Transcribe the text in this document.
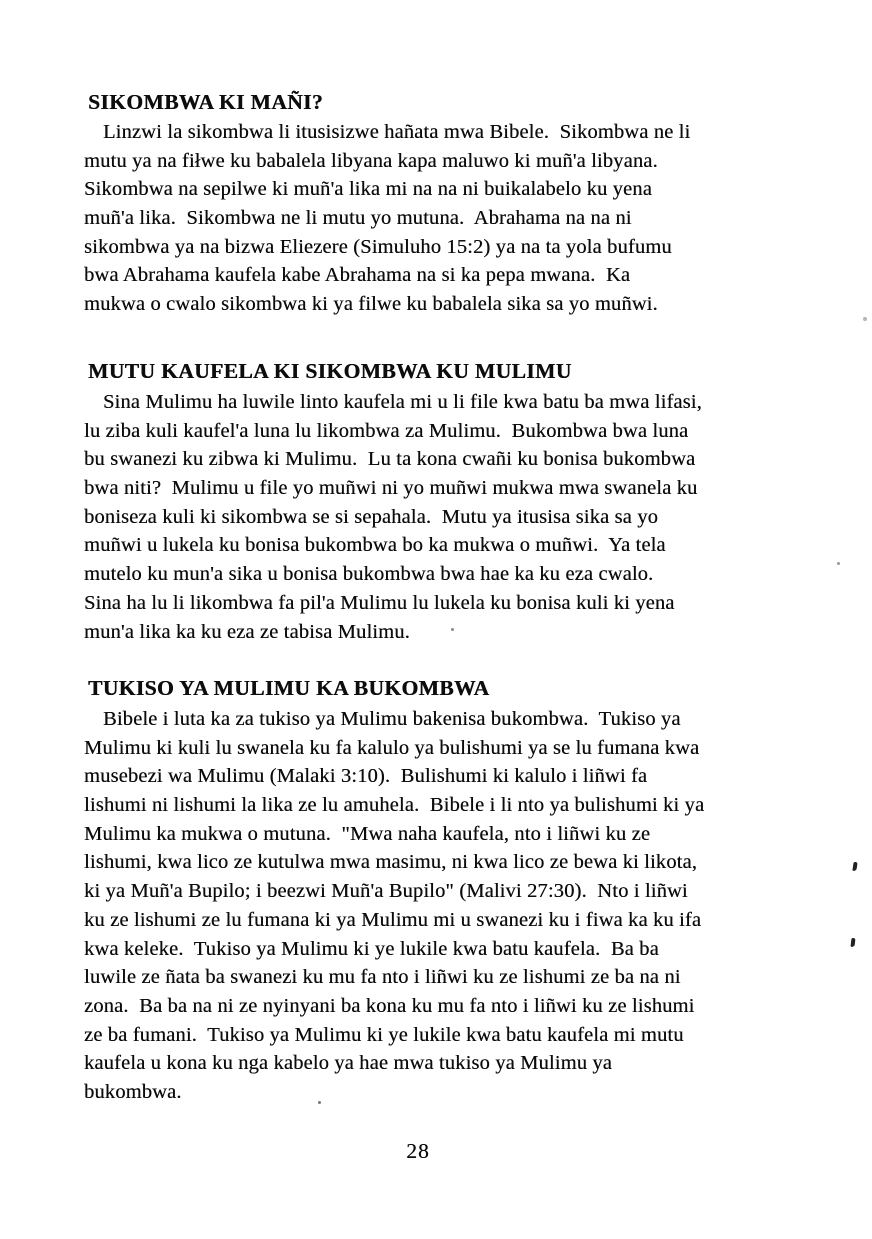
SIKOMBWA KI MAÑI?
Linzwi la sikombwa li itusisizwe hañata mwa Bibele.  Sikombwa ne li
mutu ya na fiłwe ku babalela libyana kapa maluwo ki muñ'a libyana.
Sikombwa na sepilwe ki muñ'a lika mi na na ni buikalabelo ku yena
muñ'a lika.  Sikombwa ne li mutu yo mutuna.  Abrahama na na ni
sikombwa ya na bizwa Eliezere (Simuluho 15:2) ya na ta yola bufumu
bwa Abrahama kaufela kabe Abrahama na si ka pepa mwana.  Ka
mukwa o cwalo sikombwa ki ya filwe ku babalela sika sa yo muñwi.
MUTU KAUFELA KI SIKOMBWA KU MULIMU
Sina Mulimu ha luwile linto kaufela mi u li file kwa batu ba mwa lifasi,
lu ziba kuli kaufel'a luna lu likombwa za Mulimu.  Bukombwa bwa luna
bu swanezi ku zibwa ki Mulimu.  Lu ta kona cwañi ku bonisa bukombwa
bwa niti?  Mulimu u file yo muñwi ni yo muñwi mukwa mwa swanela ku
boniseza kuli ki sikombwa se si sepahala.  Mutu ya itusisa sika sa yo
muñwi u lukela ku bonisa bukombwa bo ka mukwa o muñwi.  Ya tela
mutelo ku mun'a sika u bonisa bukombwa bwa hae ka ku eza cwalo.
Sina ha lu li likombwa fa pil'a Mulimu lu lukela ku bonisa kuli ki yena
mun'a lika ka ku eza ze tabisa Mulimu.
TUKISO YA MULIMU KA BUKOMBWA
Bibele i luta ka za tukiso ya Mulimu bakenisa bukombwa.  Tukiso ya
Mulimu ki kuli lu swanela ku fa kalulo ya bulishumi ya se lu fumana kwa
musebezi wa Mulimu (Malaki 3:10).  Bulishumi ki kalulo i liñwi fa
lishumi ni lishumi la lika ze lu amuhela.  Bibele i li nto ya bulishumi ki ya
Mulimu ka mukwa o mutuna.  "Mwa naha kaufela, nto i liñwi ku ze
lishumi, kwa lico ze kutulwa mwa masimu, ni kwa lico ze bewa ki likota,
ki ya Muñ'a Bupilo; i beezwi Muñ'a Bupilo" (Malivi 27:30).  Nto i liñwi
ku ze lishumi ze lu fumana ki ya Mulimu mi u swanezi ku i fiwa ka ku ifa
kwa keleke.  Tukiso ya Mulimu ki ye lukile kwa batu kaufela.  Ba ba
luwile ze ñata ba swanezi ku mu fa nto i liñwi ku ze lishumi ze ba na ni
zona.  Ba ba na ni ze nyinyani ba kona ku mu fa nto i liñwi ku ze lishumi
ze ba fumani.  Tukiso ya Mulimu ki ye lukile kwa batu kaufela mi mutu
kaufela u kona ku nga kabelo ya hae mwa tukiso ya Mulimu ya
bukombwa.
28
